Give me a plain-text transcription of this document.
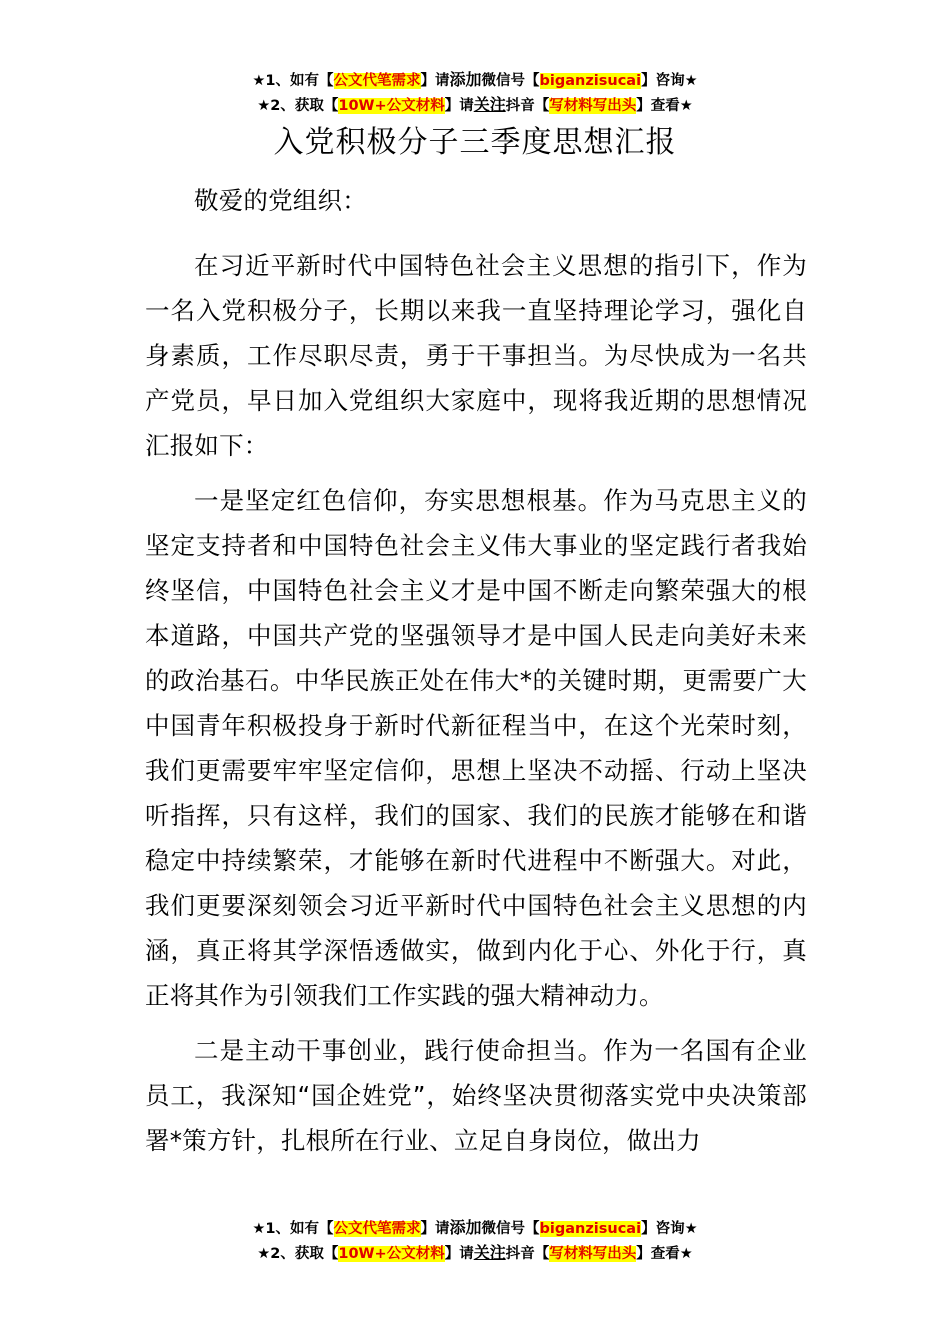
★1、如有【公文代笔需求】请添加微信号【biganzisucai】咨询★
★2、获取【10W+公文材料】请关注抖音【写材料写出头】查看★
入党积极分子三季度思想汇报

敬爱的党组织：

在习近平新时代中国特色社会主义思想的指引下，作为一名入党积极分子，长期以来我一直坚持理论学习，强化自身素质，工作尽职尽责，勇于干事担当。为尽快成为一名共产党员，早日加入党组织大家庭中，现将我近期的思想情况汇报如下：

一是坚定红色信仰，夯实思想根基。作为马克思主义的坚定支持者和中国特色社会主义伟大事业的坚定践行者我始终坚信，中国特色社会主义才是中国不断走向繁荣强大的根本道路，中国共产党的坚强领导才是中国人民走向美好未来的政治基石。中华民族正处在伟大*的关键时期，更需要广大中国青年积极投身于新时代新征程当中，在这个光荣时刻，我们更需要牢牢坚定信仰，思想上坚决不动摇、行动上坚决听指挥，只有这样，我们的国家、我们的民族才能够在和谐稳定中持续繁荣，才能够在新时代进程中不断强大。对此，我们更要深刻领会习近平新时代中国特色社会主义思想的内涵，真正将其学深悟透做实，做到内化于心、外化于行，真正将其作为引领我们工作实践的强大精神动力。

二是主动干事创业，践行使命担当。作为一名国有企业员工，我深知“国企姓党”，始终坚决贯彻落实党中央决策部署*策方针，扎根所在行业、立足自身岗位，做出力

★1、如有【公文代笔需求】请添加微信号【biganzisucai】咨询★
★2、获取【10W+公文材料】请关注抖音【写材料写出头】查看★
